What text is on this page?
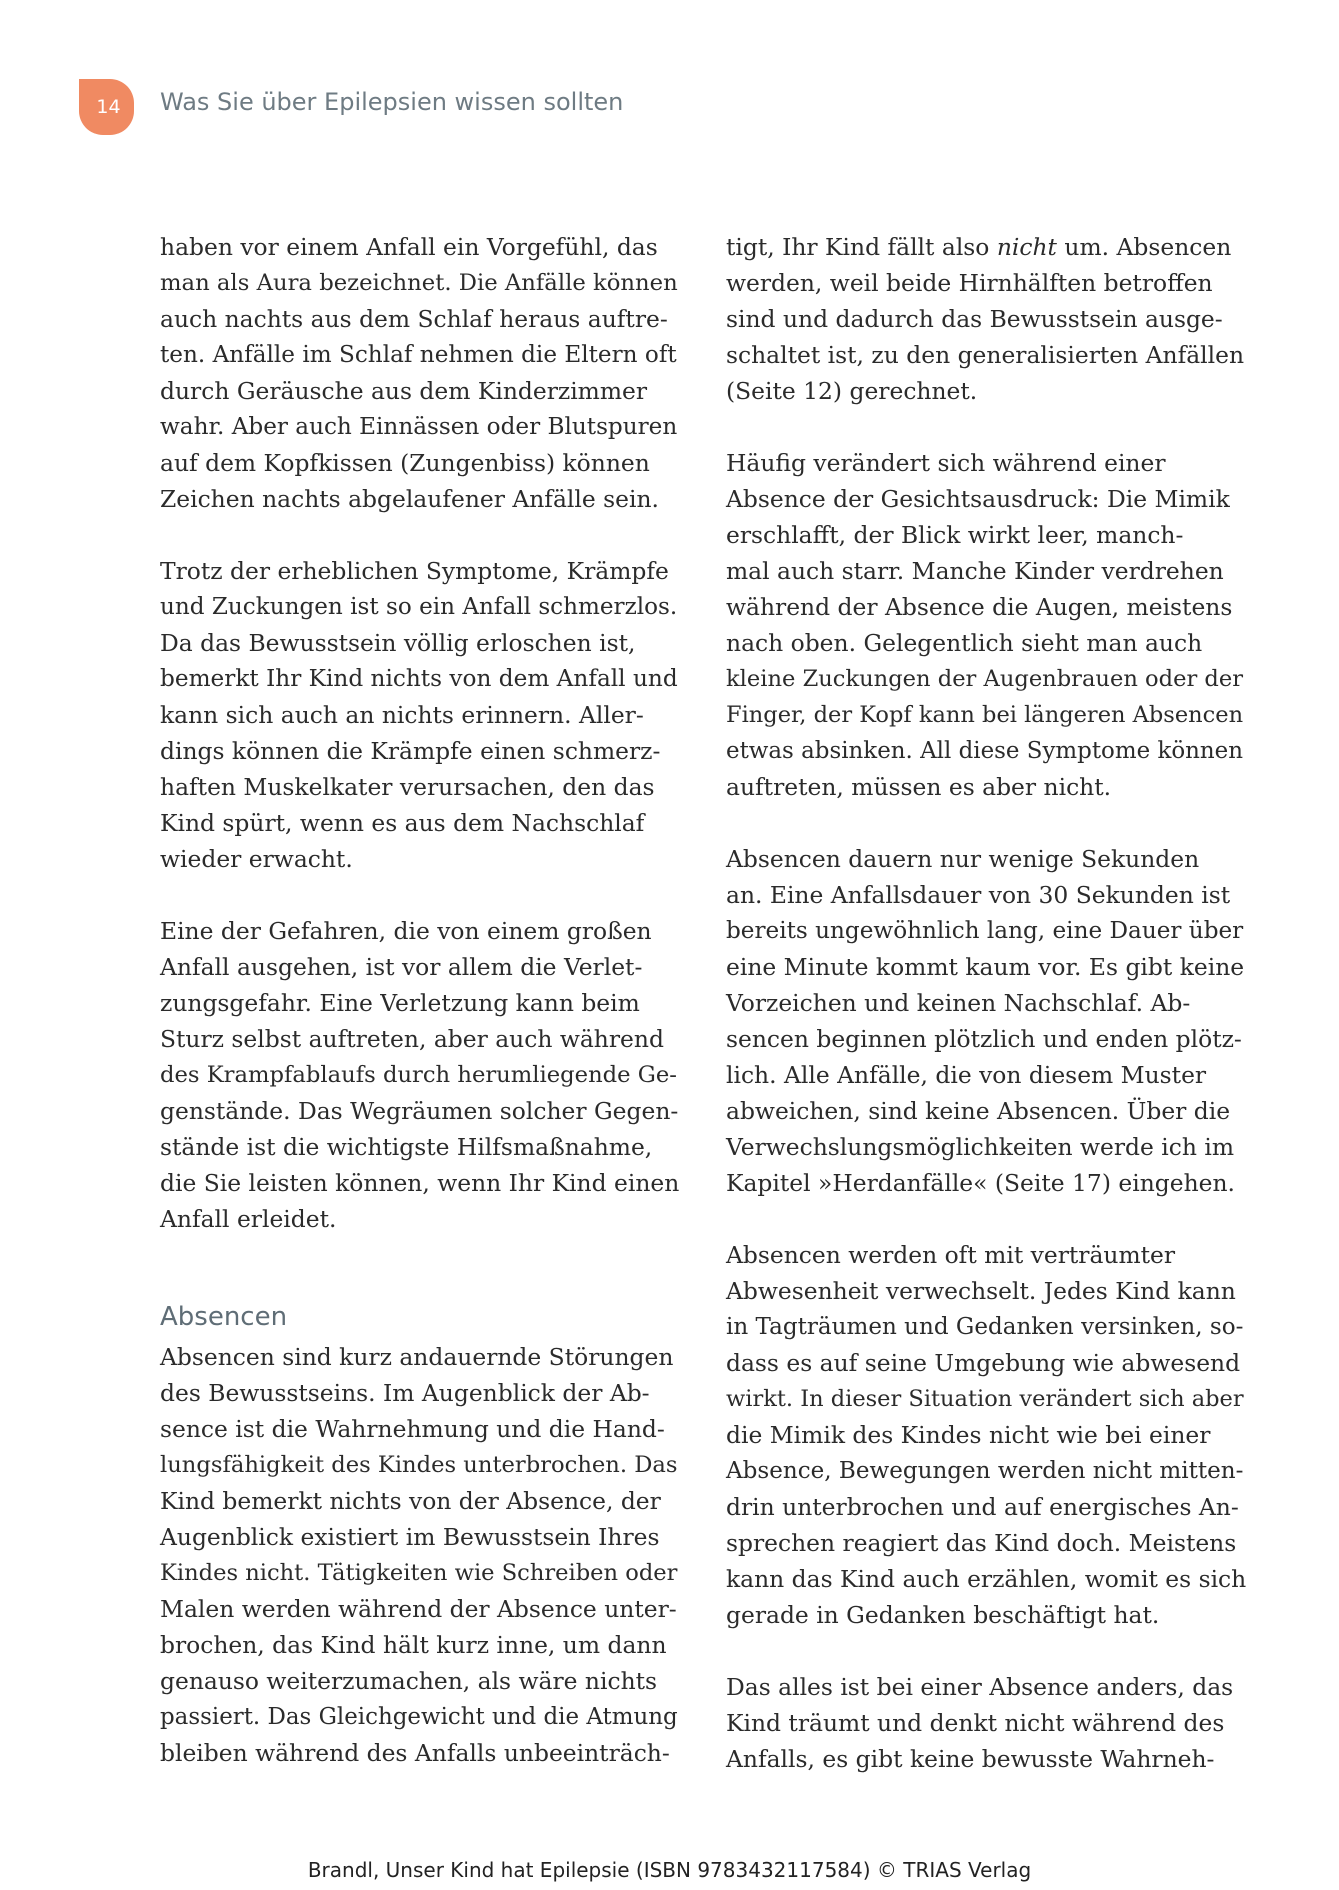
14 Was Sie über Epilepsien wissen sollten
haben vor einem Anfall ein Vorgefühl, das
man als Aura bezeichnet. Die Anfälle können
auch nachts aus dem Schlaf heraus auftre-
ten. Anfälle im Schlaf nehmen die Eltern oft
durch Geräusche aus dem Kinderzimmer
wahr. Aber auch Einnässen oder Blutspuren
auf dem Kopfkissen (Zungenbiss) können
Zeichen nachts abgelaufener Anfälle sein.
Trotz der erheblichen Symptome, Krämpfe
und Zuckungen ist so ein Anfall schmerzlos.
Da das Bewusstsein völlig erloschen ist,
bemerkt Ihr Kind nichts von dem Anfall und
kann sich auch an nichts erinnern. Aller-
dings können die Krämpfe einen schmerz-
haften Muskelkater verursachen, den das
Kind spürt, wenn es aus dem Nachschlaf
wieder erwacht.
Eine der Gefahren, die von einem großen
Anfall ausgehen, ist vor allem die Verlet-
zungsgefahr. Eine Verletzung kann beim
Sturz selbst auftreten, aber auch während
des Krampfablaufs durch herumliegende Ge-
genstände. Das Wegräumen solcher Gegen-
stände ist die wichtigste Hilfsmaßnahme,
die Sie leisten können, wenn Ihr Kind einen
Anfall erleidet.
Absencen
Absencen sind kurz andauernde Störungen
des Bewusstseins. Im Augenblick der Ab-
sence ist die Wahrnehmung und die Hand-
lungsfähigkeit des Kindes unterbrochen. Das
Kind bemerkt nichts von der Absence, der
Augenblick existiert im Bewusstsein Ihres
Kindes nicht. Tätigkeiten wie Schreiben oder
Malen werden während der Absence unter-
brochen, das Kind hält kurz inne, um dann
genauso weiterzumachen, als wäre nichts
passiert. Das Gleichgewicht und die Atmung
bleiben während des Anfalls unbeeinträch-
tigt, Ihr Kind fällt also nicht um. Absencen
werden, weil beide Hirnhälften betroffen
sind und dadurch das Bewusstsein ausge-
schaltet ist, zu den generalisierten Anfällen
(Seite 12) gerechnet.
Häufig verändert sich während einer
Absence der Gesichtsausdruck: Die Mimik
erschlafft, der Blick wirkt leer, manch-
mal auch starr. Manche Kinder verdrehen
während der Absence die Augen, meistens
nach oben. Gelegentlich sieht man auch
kleine Zuckungen der Augenbrauen oder der
Finger, der Kopf kann bei längeren Absencen
etwas absinken. All diese Symptome können
auftreten, müssen es aber nicht.
Absencen dauern nur wenige Sekunden
an. Eine Anfallsdauer von 30 Sekunden ist
bereits ungewöhnlich lang, eine Dauer über
eine Minute kommt kaum vor. Es gibt keine
Vorzeichen und keinen Nachschlaf. Ab-
sencen beginnen plötzlich und enden plötz-
lich. Alle Anfälle, die von diesem Muster
abweichen, sind keine Absencen. Über die
Verwechslungsmöglichkeiten werde ich im
Kapitel »Herdanfälle« (Seite 17) eingehen.
Absencen werden oft mit verträumter
Abwesenheit verwechselt. Jedes Kind kann
in Tagträumen und Gedanken versinken, so-
dass es auf seine Umgebung wie abwesend
wirkt. In dieser Situation verändert sich aber
die Mimik des Kindes nicht wie bei einer
Absence, Bewegungen werden nicht mitten-
drin unterbrochen und auf energisches An-
sprechen reagiert das Kind doch. Meistens
kann das Kind auch erzählen, womit es sich
gerade in Gedanken beschäftigt hat.
Das alles ist bei einer Absence anders, das
Kind träumt und denkt nicht während des
Anfalls, es gibt keine bewusste Wahrneh-
Brandl, Unser Kind hat Epilepsie (ISBN 9783432117584) © TRIAS Verlag
